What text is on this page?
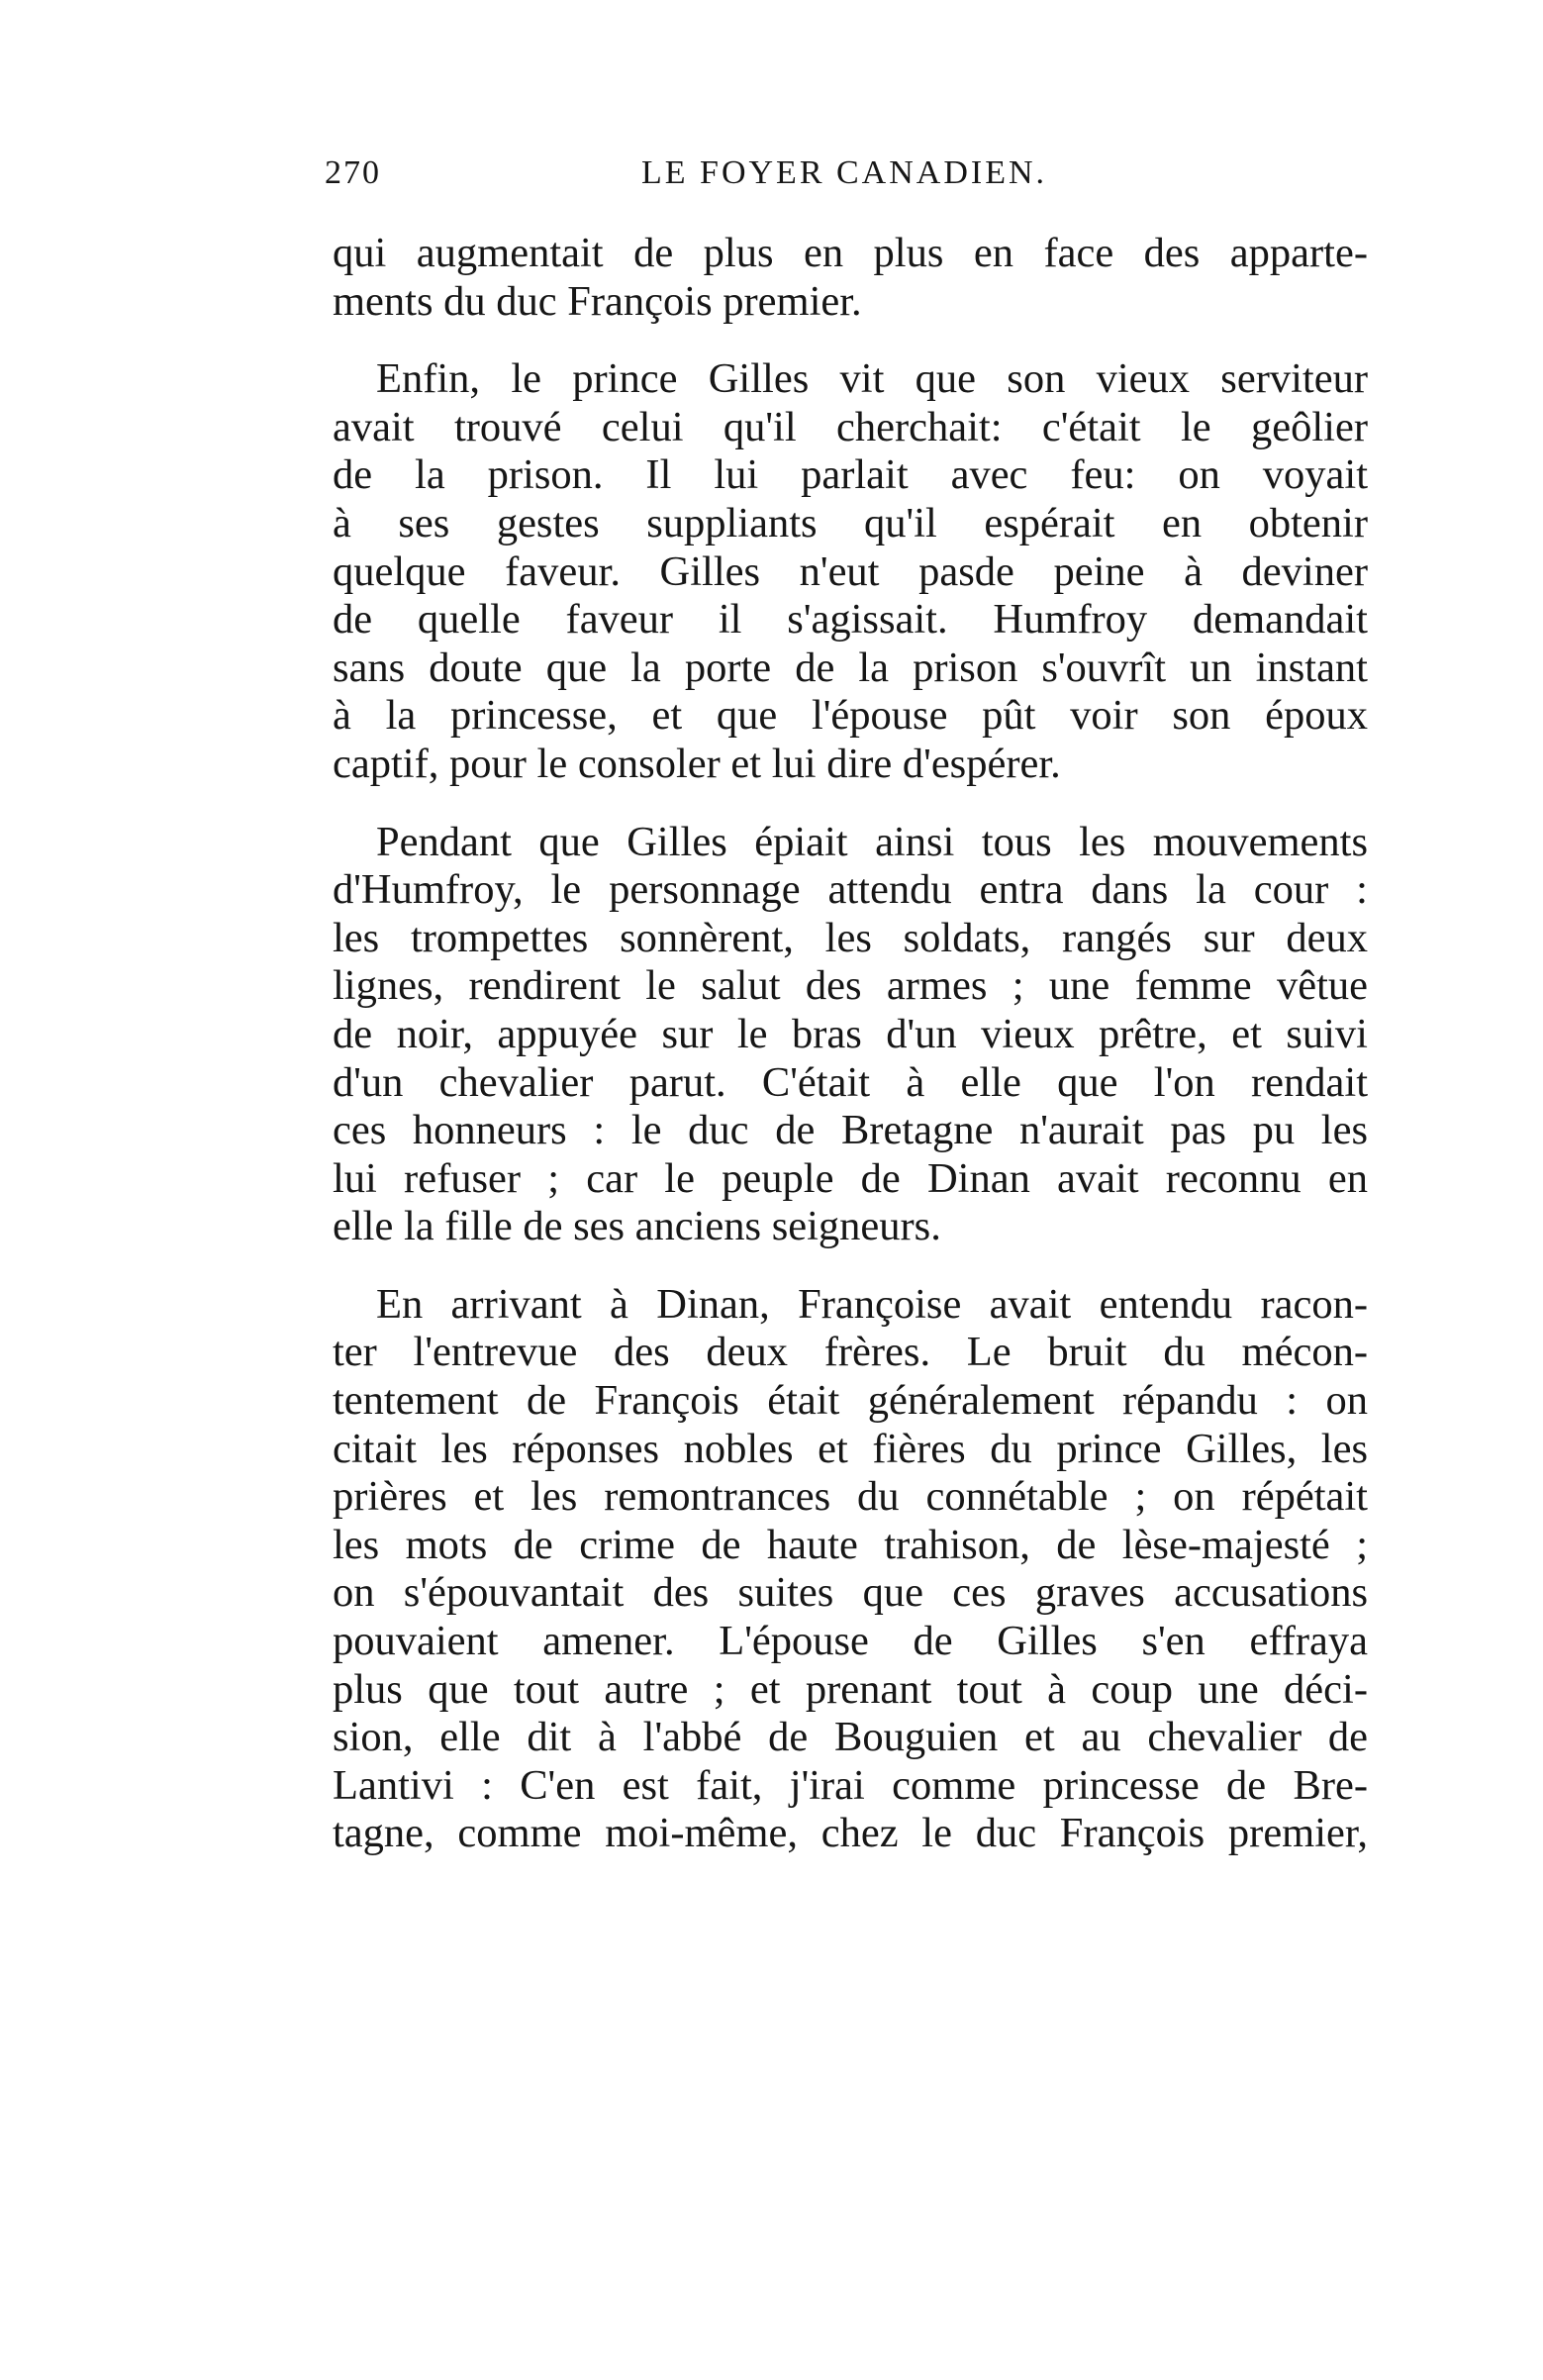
270	LE FOYER CANADIEN.

qui augmentait de plus en plus en face des apparte-
ments du duc François premier.

Enfin, le prince Gilles vit que son vieux serviteur
avait trouvé celui qu'il cherchait: c'était le geôlier
de la prison. Il lui parlait avec feu: on voyait
à ses gestes suppliants qu'il espérait en obtenir
quelque faveur. Gilles n'eut pasde peine à deviner
de quelle faveur il s'agissait. Humfroy demandait
sans doute que la porte de la prison s'ouvrît un instant
à la princesse, et que l'épouse pût voir son époux
captif, pour le consoler et lui dire d'espérer.

Pendant que Gilles épiait ainsi tous les mouvements
d'Humfroy, le personnage attendu entra dans la cour :
les trompettes sonnèrent, les soldats, rangés sur deux
lignes, rendirent le salut des armes ; une femme vêtue
de noir, appuyée sur le bras d'un vieux prêtre, et suivi
d'un chevalier parut. C'était à elle que l'on rendait
ces honneurs : le duc de Bretagne n'aurait pas pu les
lui refuser ; car le peuple de Dinan avait reconnu en
elle la fille de ses anciens seigneurs.

En arrivant à Dinan, Françoise avait entendu racon-
ter l'entrevue des deux frères. Le bruit du mécon-
tentement de François était généralement répandu : on
citait les réponses nobles et fières du prince Gilles, les
prières et les remontrances du connétable ; on répétait
les mots de crime de haute trahison, de lèse-majesté ;
on s'épouvantait des suites que ces graves accusations
pouvaient amener. L'épouse de Gilles s'en effraya
plus que tout autre ; et prenant tout à coup une déci-
sion, elle dit à l'abbé de Bouguien et au chevalier de
Lantivi : C'en est fait, j'irai comme princesse de Bre-
tagne, comme moi-même, chez le duc François premier,
